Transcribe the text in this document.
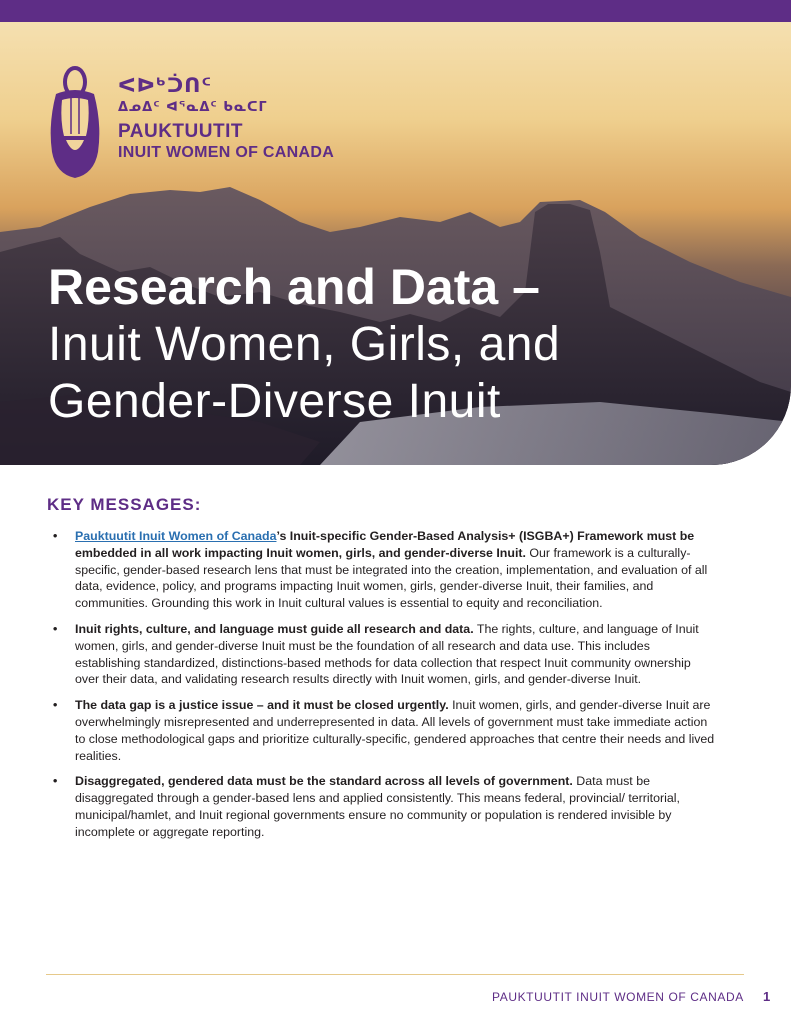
ᐸᐅᒃᑑᑎᑦ
ᐃᓄᐃᑦ ᐊᕐᓇᐃᑦ ᑲᓇᑕᒥ
PAUKTUUTIT
INUIT WOMEN OF CANADA
Research and Data –
Inuit Women, Girls, and
Gender-Diverse Inuit
KEY MESSAGES:
• Pauktuutit Inuit Women of Canada’s Inuit-specific Gender-Based Analysis+ (ISGBA+) Framework must be embedded in all work impacting Inuit women, girls, and gender-diverse Inuit. Our framework is a culturally-specific, gender-based research lens that must be integrated into the creation, implementation, and evaluation of all data, evidence, policy, and programs impacting Inuit women, girls, gender-diverse Inuit, their families, and communities. Grounding this work in Inuit cultural values is essential to equity and reconciliation.
• Inuit rights, culture, and language must guide all research and data. The rights, culture, and language of Inuit women, girls, and gender-diverse Inuit must be the foundation of all research and data use. This includes establishing standardized, distinctions-based methods for data collection that respect Inuit community ownership over their data, and validating research results directly with Inuit women, girls, and gender-diverse Inuit.
• The data gap is a justice issue – and it must be closed urgently. Inuit women, girls, and gender-diverse Inuit are overwhelmingly misrepresented and underrepresented in data. All levels of government must take immediate action to close methodological gaps and prioritize culturally-specific, gendered approaches that centre their needs and lived realities.
• Disaggregated, gendered data must be the standard across all levels of government. Data must be disaggregated through a gender-based lens and applied consistently. This means federal, provincial/ territorial, municipal/hamlet, and Inuit regional governments ensure no community or population is rendered invisible by incomplete or aggregate reporting.
PAUKTUUTIT INUIT WOMEN OF CANADA 1
